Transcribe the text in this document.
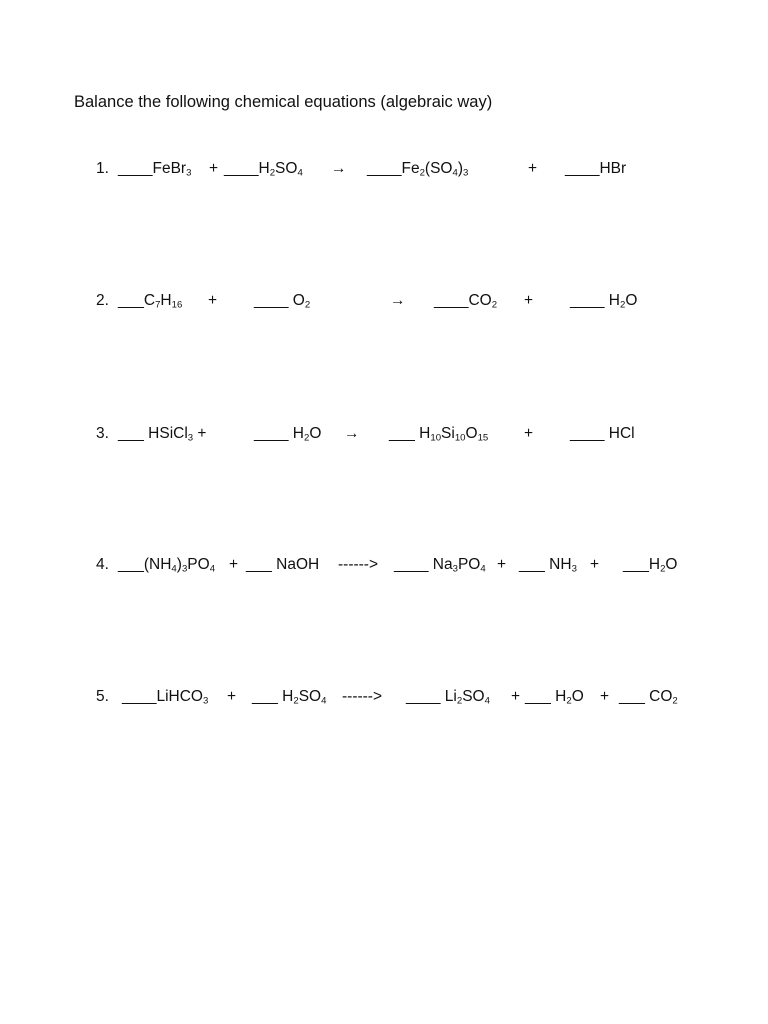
Balance the following chemical equations (algebraic way)
1. ____FeBr$_3$ + $\_\_\_\_H_2SO_4$ → $\_\_\_\_Fe_2(SO_4)_3$	+ ____HBr
2. $\_\_\_C_7H_{16}$ + ____ $O_2$	→ $\_\_\_\_CO_2$ + ____ $H_2O$
3. ___ HSiCl$_3$ +	____ $H_2O$ → ___ $H_{10}Si_{10}O_{15}$ + ____ HCl
4. $\_\_\_(NH_4)_3PO_4$ + ___ NaOH ------> ____ $Na_3PO_4$ + ___ $NH_3$ + $\_\_\_H_2O$
5. ____LiHCO$_3$ + ___ $H_2SO_4$ ------> ____ $Li_2SO_4$ + ___ $H_2O$ + ___ $CO_2$
